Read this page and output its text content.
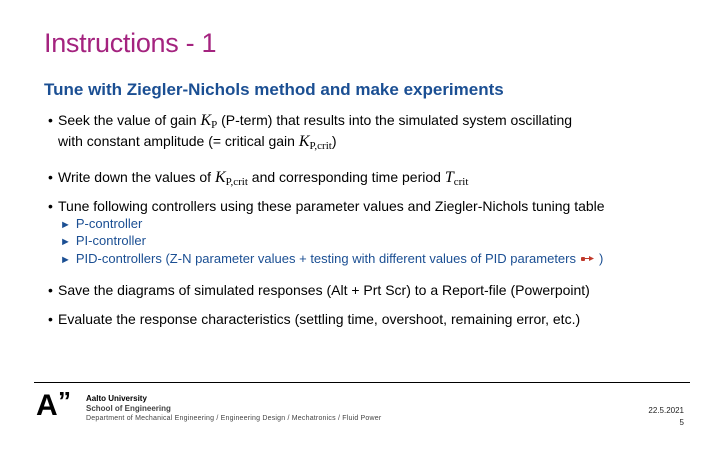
Instructions - 1
Tune with Ziegler-Nichols method and make experiments
• Seek the value of gain $K_P$ (P-term) that results into the simulated system oscillating
with constant amplitude (= critical gain $K_{P,crit}$)
• Write down the values of $K_{P,crit}$ and corresponding time period $T_{crit}$
• Tune following controllers using these parameter values and Ziegler-Nichols tuning table
► P-controller
► PI-controller
► PID-controllers (Z-N parameter values + testing with different values of PID parameters  )
• Save the diagrams of simulated responses (Alt + Prt Scr) to a Report-file (Powerpoint)
• Evaluate the response characteristics (settling time, overshoot, remaining error, etc.)
A ” Aalto University
School of Engineering
Department of Mechanical Engineering / Engineering Design / Mechatronics / Fluid Power
22.5.2021
5
